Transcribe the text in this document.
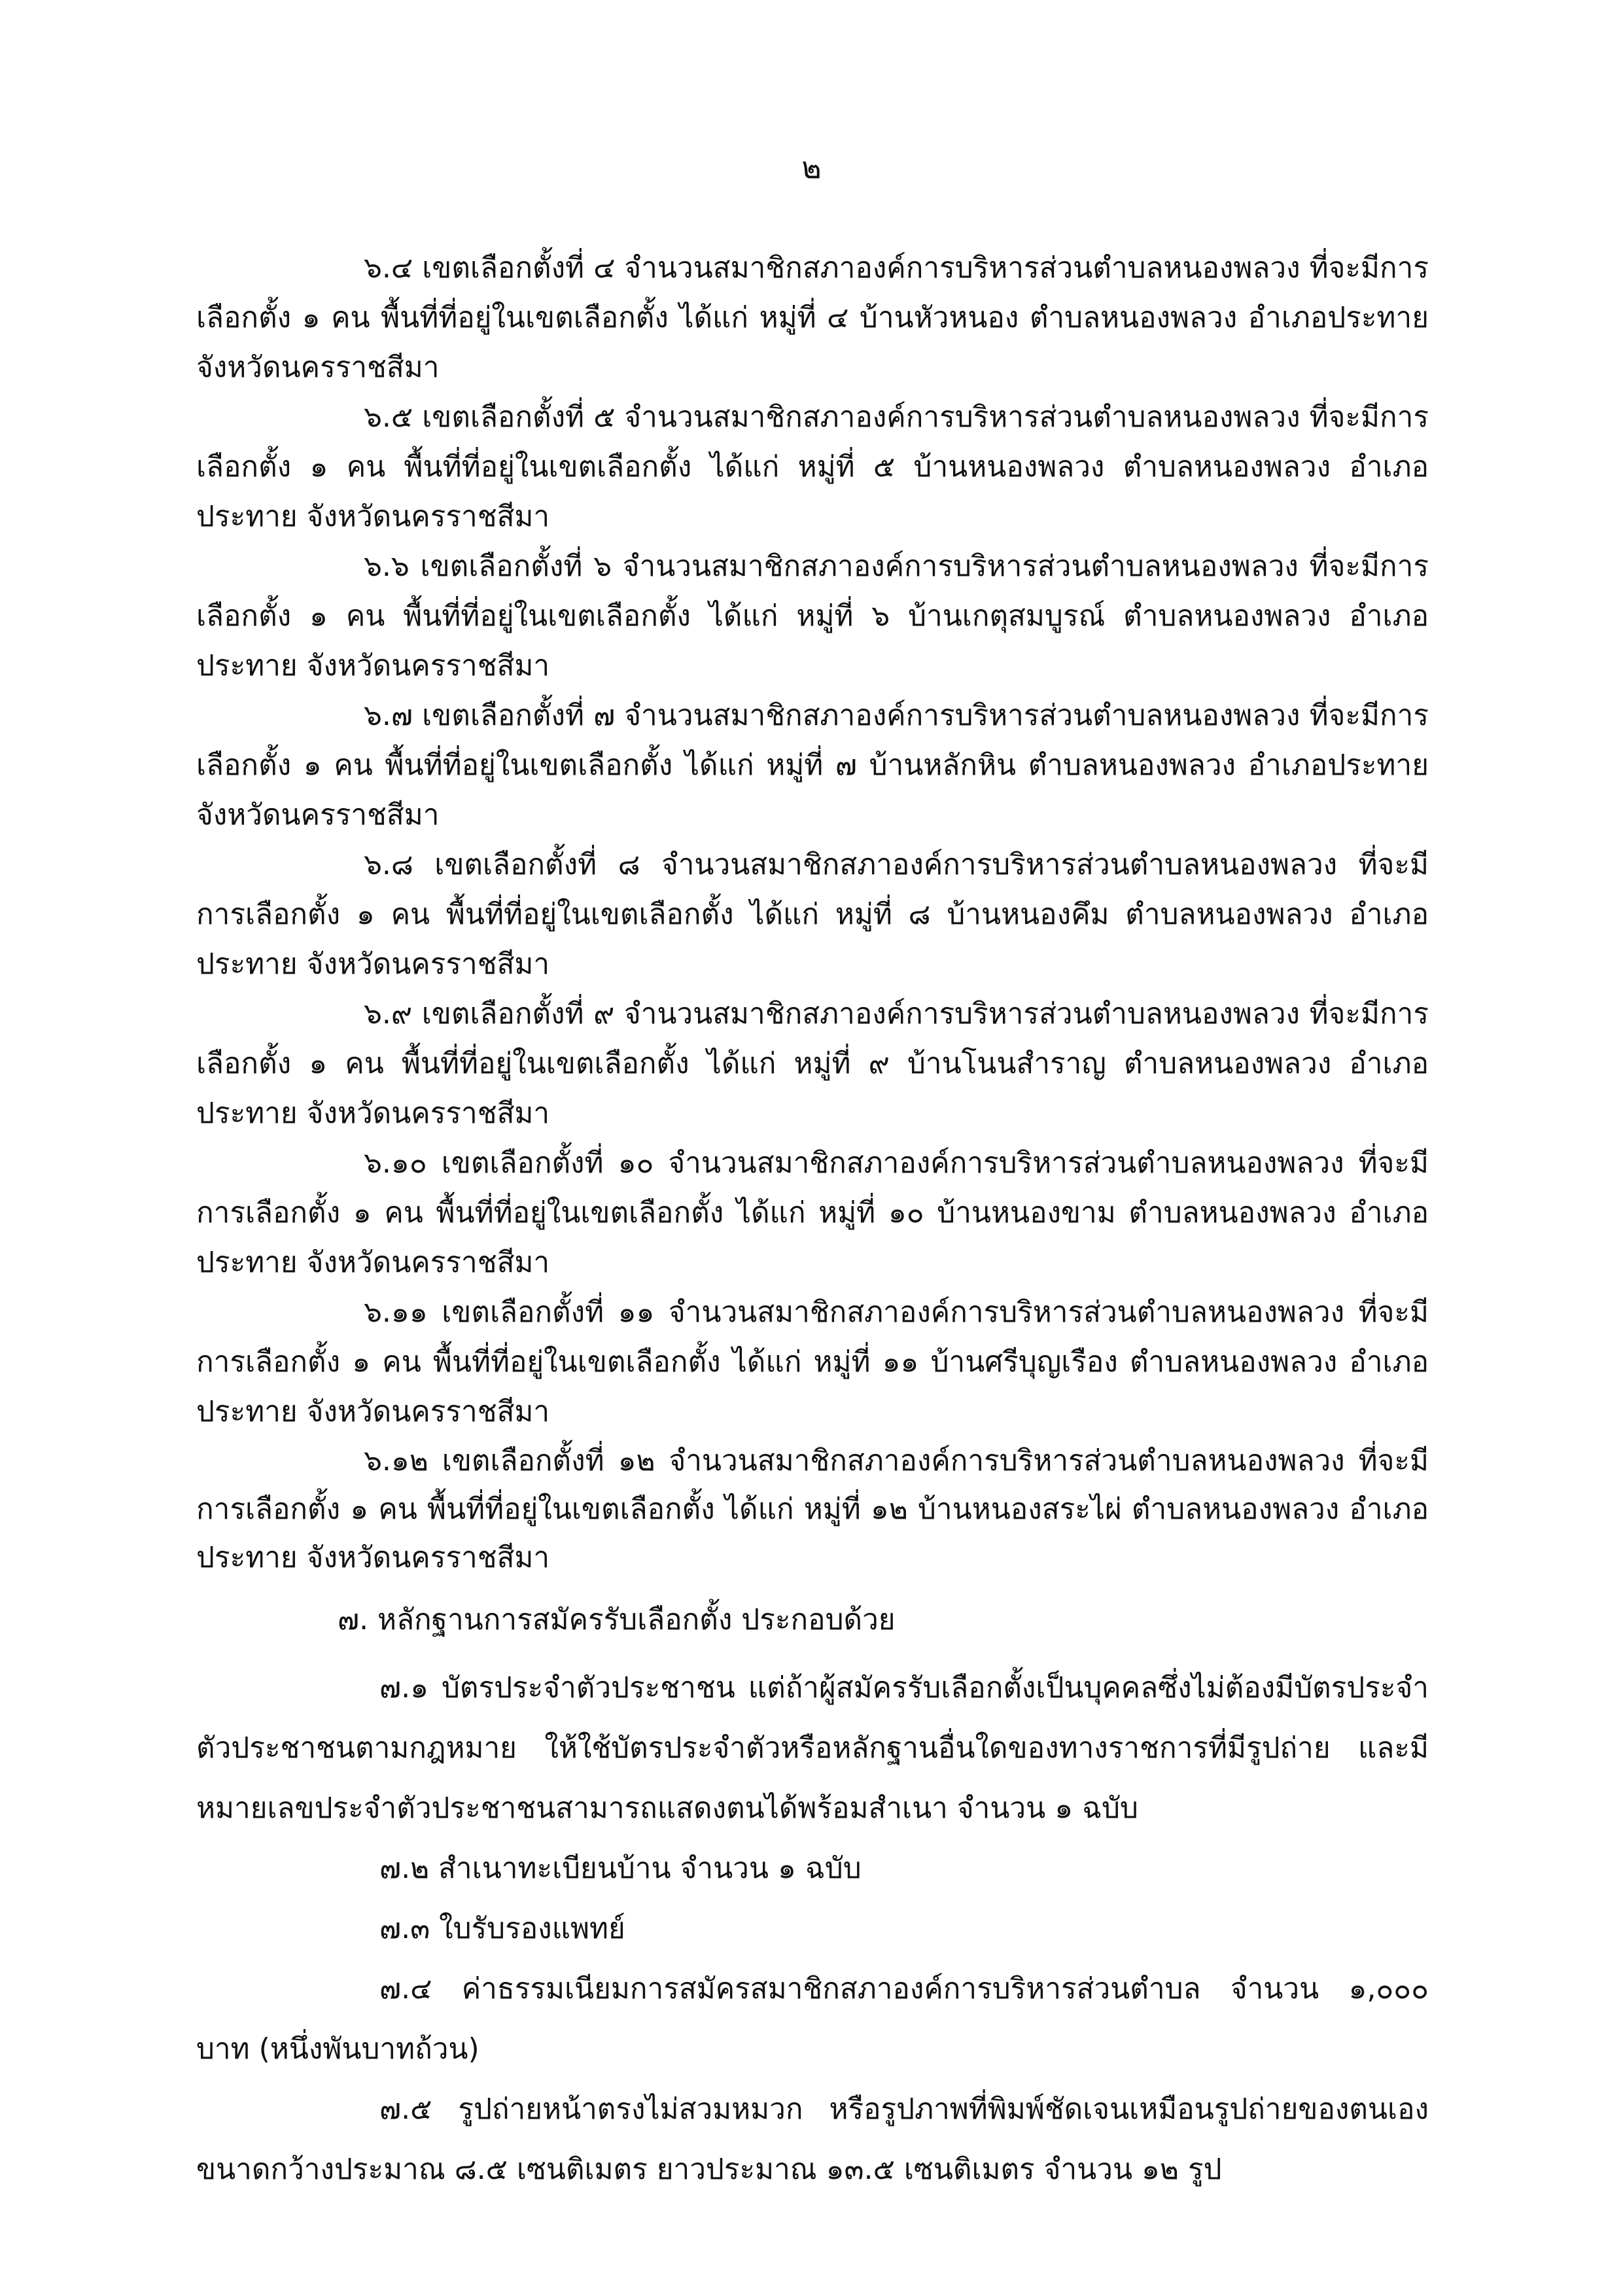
๒

๖.๔ เขตเลือกตั้งที่ ๔ จำนวนสมาชิกสภาองค์การบริหารส่วนตำบลหนองพลวง ที่จะมีการเลือกตั้ง ๑ คน พื้นที่ที่อยู่ในเขตเลือกตั้ง ได้แก่ หมู่ที่ ๔ บ้านหัวหนอง ตำบลหนองพลวง อำเภอประทาย จังหวัดนครราชสีมา

๖.๕ เขตเลือกตั้งที่ ๕ จำนวนสมาชิกสภาองค์การบริหารส่วนตำบลหนองพลวง ที่จะมีการเลือกตั้ง ๑ คน พื้นที่ที่อยู่ในเขตเลือกตั้ง ได้แก่ หมู่ที่ ๕ บ้านหนองพลวง ตำบลหนองพลวง อำเภอประทาย จังหวัดนครราชสีมา

๖.๖ เขตเลือกตั้งที่ ๖ จำนวนสมาชิกสภาองค์การบริหารส่วนตำบลหนองพลวง ที่จะมีการเลือกตั้ง ๑ คน พื้นที่ที่อยู่ในเขตเลือกตั้ง ได้แก่ หมู่ที่ ๖ บ้านเกตุสมบูรณ์ ตำบลหนองพลวง อำเภอประทาย จังหวัดนครราชสีมา

๖.๗ เขตเลือกตั้งที่ ๗ จำนวนสมาชิกสภาองค์การบริหารส่วนตำบลหนองพลวง ที่จะมีการเลือกตั้ง ๑ คน พื้นที่ที่อยู่ในเขตเลือกตั้ง ได้แก่ หมู่ที่ ๗ บ้านหลักหิน ตำบลหนองพลวง อำเภอประทาย จังหวัดนครราชสีมา

๖.๘ เขตเลือกตั้งที่ ๘ จำนวนสมาชิกสภาองค์การบริหารส่วนตำบลหนองพลวง ที่จะมีการเลือกตั้ง ๑ คน พื้นที่ที่อยู่ในเขตเลือกตั้ง ได้แก่ หมู่ที่ ๘ บ้านหนองคึม ตำบลหนองพลวง อำเภอประทาย จังหวัดนครราชสีมา

๖.๙ เขตเลือกตั้งที่ ๙ จำนวนสมาชิกสภาองค์การบริหารส่วนตำบลหนองพลวง ที่จะมีการเลือกตั้ง ๑ คน พื้นที่ที่อยู่ในเขตเลือกตั้ง ได้แก่ หมู่ที่ ๙ บ้านโนนสำราญ ตำบลหนองพลวง อำเภอประทาย จังหวัดนครราชสีมา

๖.๑๐ เขตเลือกตั้งที่ ๑๐ จำนวนสมาชิกสภาองค์การบริหารส่วนตำบลหนองพลวง ที่จะมีการเลือกตั้ง ๑ คน พื้นที่ที่อยู่ในเขตเลือกตั้ง ได้แก่ หมู่ที่ ๑๐ บ้านหนองขาม ตำบลหนองพลวง อำเภอประทาย จังหวัดนครราชสีมา

๖.๑๑ เขตเลือกตั้งที่ ๑๑ จำนวนสมาชิกสภาองค์การบริหารส่วนตำบลหนองพลวง ที่จะมีการเลือกตั้ง ๑ คน พื้นที่ที่อยู่ในเขตเลือกตั้ง ได้แก่ หมู่ที่ ๑๑ บ้านศรีบุญเรือง ตำบลหนองพลวง อำเภอประทาย จังหวัดนครราชสีมา

๖.๑๒ เขตเลือกตั้งที่ ๑๒ จำนวนสมาชิกสภาองค์การบริหารส่วนตำบลหนองพลวง ที่จะมีการเลือกตั้ง ๑ คน พื้นที่ที่อยู่ในเขตเลือกตั้ง ได้แก่ หมู่ที่ ๑๒ บ้านหนองสระไผ่ ตำบลหนองพลวง อำเภอประทาย จังหวัดนครราชสีมา

๗. หลักฐานการสมัครรับเลือกตั้ง ประกอบด้วย

๗.๑ บัตรประจำตัวประชาชน แต่ถ้าผู้สมัครรับเลือกตั้งเป็นบุคคลซึ่งไม่ต้องมีบัตรประจำตัวประชาชนตามกฎหมาย ให้ใช้บัตรประจำตัวหรือหลักฐานอื่นใดของทางราชการที่มีรูปถ่าย และมีหมายเลขประจำตัวประชาชนสามารถแสดงตนได้พร้อมสำเนา จำนวน ๑ ฉบับ

๗.๒ สำเนาทะเบียนบ้าน จำนวน ๑ ฉบับ

๗.๓ ใบรับรองแพทย์

๗.๔ ค่าธรรมเนียมการสมัครสมาชิกสภาองค์การบริหารส่วนตำบล จำนวน ๑,๐๐๐ บาท (หนึ่งพันบาทถ้วน)

๗.๕ รูปถ่ายหน้าตรงไม่สวมหมวก หรือรูปภาพที่พิมพ์ชัดเจนเหมือนรูปถ่ายของตนเอง ขนาดกว้างประมาณ ๘.๕ เซนติเมตร ยาวประมาณ ๑๓.๕ เซนติเมตร จำนวน ๑๒ รูป
